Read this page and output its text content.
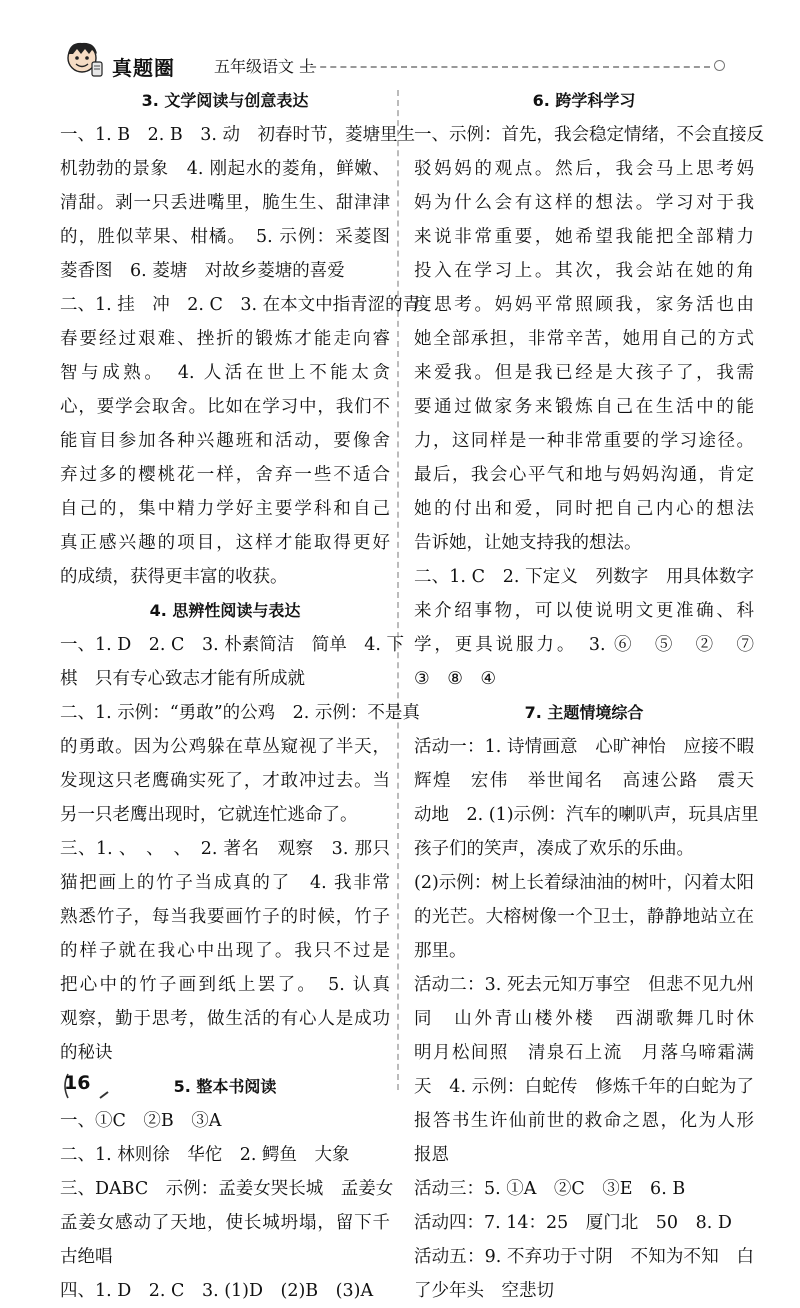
真题圈 五年级语文 上
3. 文学阅读与创意表达
一、1. B　2. B　3. 动　初春时节，菱塘里生
机勃勃的景象　4. 刚起水的菱角，鲜嫩、
清甜。剥一只丢进嘴里，脆生生、甜津津
的，胜似苹果、柑橘。　5. 示例：采菱图
菱香图　6. 菱塘　对故乡菱塘的喜爱
二、1. 挂　冲　2. C　3. 在本文中指青涩的青
春要经过艰难、挫折的锻炼才能走向睿
智与成熟。　4. 人活在世上不能太贪
心，要学会取舍。比如在学习中，我们不
能盲目参加各种兴趣班和活动，要像舍
弃过多的樱桃花一样，舍弃一些不适合
自己的，集中精力学好主要学科和自己
真正感兴趣的项目，这样才能取得更好
的成绩，获得更丰富的收获。
4. 思辨性阅读与表达
一、1. D　2. C　3. 朴素简洁　简单　4. 下
棋　只有专心致志才能有所成就
二、1. 示例：“勇敢”的公鸡　2. 示例：不是真
的勇敢。因为公鸡躲在草丛窥视了半天，
发现这只老鹰确实死了，才敢冲过去。当
另一只老鹰出现时，它就连忙逃命了。
三、1. 、　、　、　2. 著名　观察　3. 那只
猫把画上的竹子当成真的了　4. 我非常
熟悉竹子，每当我要画竹子的时候，竹子
的样子就在我心中出现了。我只不过是
把心中的竹子画到纸上罢了。　5. 认真
观察，勤于思考，做生活的有心人是成功
的秘诀
5. 整本书阅读
一、①C　②B　③A
二、1. 林则徐　华佗　2. 鳄鱼　大象
三、DABC　示例：孟姜女哭长城　孟姜女
孟姜女感动了天地，使长城坍塌，留下千
古绝唱
四、1. D　2. C　3. (1)D　(2)B　(3)A
6. 跨学科学习
一、示例：首先，我会稳定情绪，不会直接反
驳妈妈的观点。然后，我会马上思考妈
妈为什么会有这样的想法。学习对于我
来说非常重要，她希望我能把全部精力
投入在学习上。其次，我会站在她的角
度思考。妈妈平常照顾我，家务活也由
她全部承担，非常辛苦，她用自己的方式
来爱我。但是我已经是大孩子了，我需
要通过做家务来锻炼自己在生活中的能
力，这同样是一种非常重要的学习途径。
最后，我会心平气和地与妈妈沟通，肯定
她的付出和爱，同时把自己内心的想法
告诉她，让她支持我的想法。
二、1. C　2. 下定义　列数字　用具体数字
来介绍事物，可以使说明文更准确、科
学，更具说服力。　3. ⑥　⑤　②　⑦
③　⑧　④
7. 主题情境综合
活动一：1. 诗情画意　心旷神怡　应接不暇
辉煌　宏伟　举世闻名　高速公路　震天
动地　2. (1)示例：汽车的喇叭声，玩具店里
孩子们的笑声，凑成了欢乐的乐曲。
(2)示例：树上长着绿油油的树叶，闪着太阳
的光芒。大榕树像一个卫士，静静地站立在
那里。
活动二：3. 死去元知万事空　但悲不见九州
同　山外青山楼外楼　西湖歌舞几时休
明月松间照　清泉石上流　月落乌啼霜满
天　4. 示例：白蛇传　修炼千年的白蛇为了
报答书生许仙前世的救命之恩，化为人形
报恩
活动三：5. ①A　②C　③E　6. B
活动四：7. 14：25　厦门北　50　8. D
活动五：9. 不弃功于寸阴　不知为不知　白
了少年头　空悲切
16
